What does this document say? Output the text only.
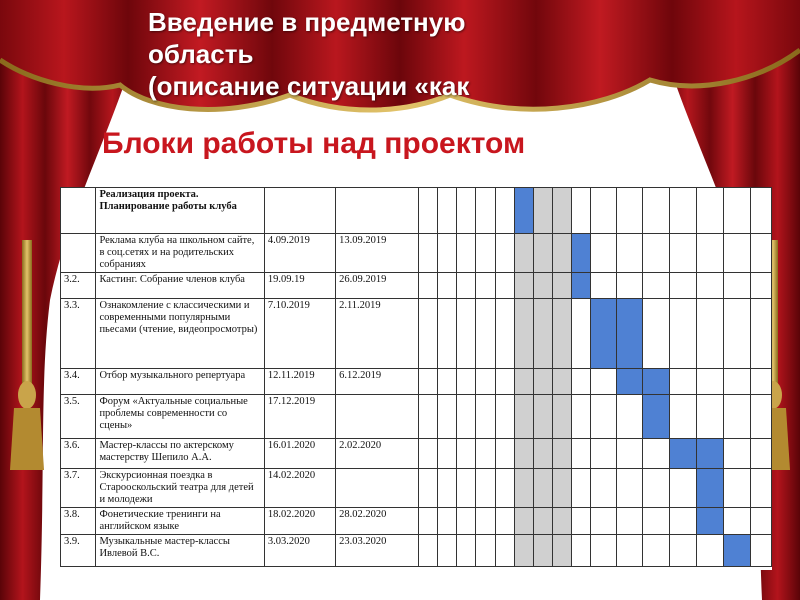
Введение в предметную
область
(описание ситуации «как
Блоки работы над проектом
	Реализация проекта. Планирование работы клуба																		
	Реклама клуба на школьном сайте, в соц.сетях и на родительских собраниях	4.09.2019	13.09.2019																
3.2.	Кастинг. Собрание членов клуба	19.09.19	26.09.2019																
3.3.	Ознакомление с классическими и современными популярными пьесами (чтение, видеопросмотры)	7.10.2019	2.11.2019																
3.4.	Отбор музыкального репертуара	12.11.2019	6.12.2019																
3.5.	Форум «Актуальные социальные проблемы современности со сцены»	17.12.2019																	
3.6.	Мастер-классы по актерскому мастерству Шепило А.А.	16.01.2020	2.02.2020																
3.7.	Экскурсионная поездка в Старооскольский театра для детей и молодежи	14.02.2020																	
3.8.	Фонетические тренинги на английском языке	18.02.2020	28.02.2020																
3.9.	Музыкальные мастер-классы Ивлевой В.С.	3.03.2020	23.03.2020																
